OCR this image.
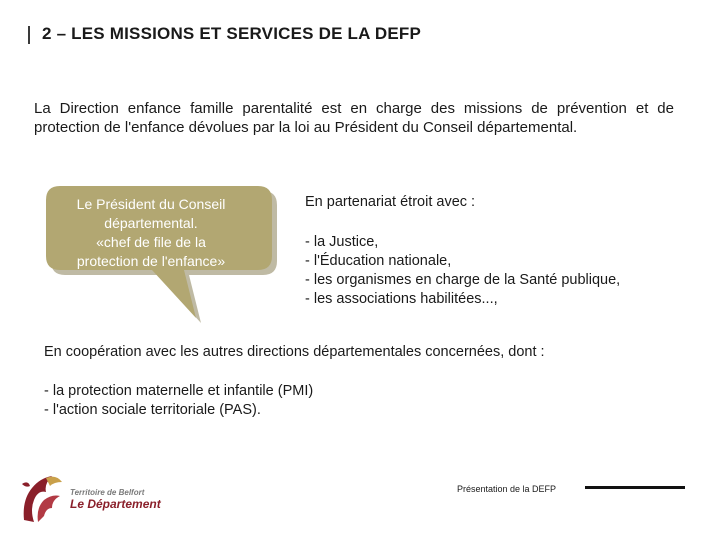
2 – LES MISSIONS ET SERVICES DE LA DEFP
La Direction enfance famille parentalité est en charge des missions de prévention et de protection de l'enfance dévolues par la loi au Président du Conseil départemental.
Le Président du Conseil
départemental.
«chef de file de la
protection de l'enfance»
En partenariat étroit avec :
- la Justice,
- l'Éducation nationale,
- les organismes en charge de la Santé publique,
- les associations habilitées...,
En coopération avec les autres directions départementales concernées, dont :
- la protection maternelle et infantile (PMI)
- l'action sociale territoriale (PAS).
Territoire de Belfort
Le Département
Présentation de la DEFP
